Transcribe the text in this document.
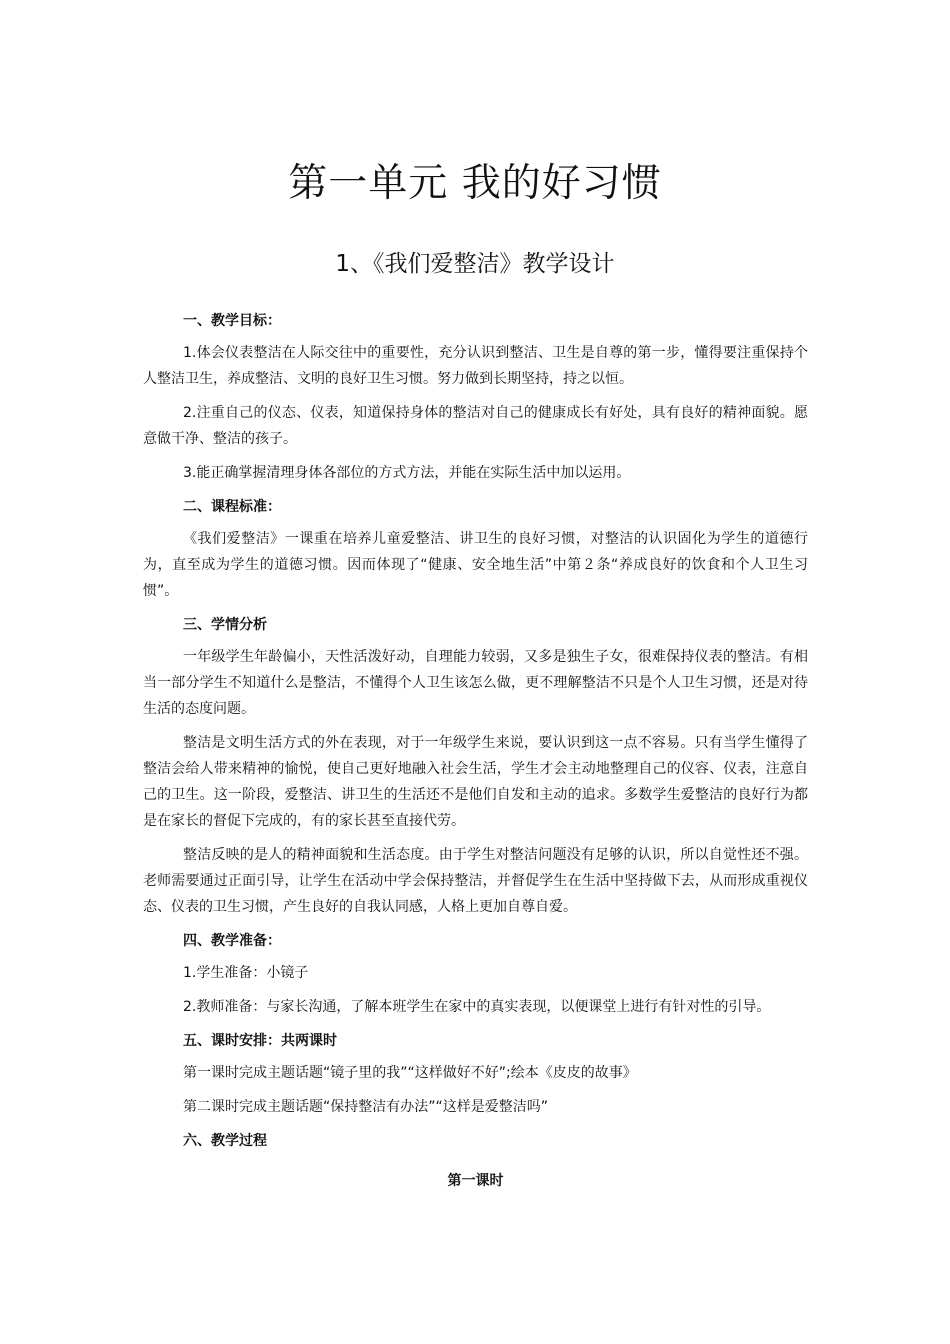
第一单元 我的好习惯
1、《我们爱整洁》教学设计

一、教学目标：

1.体会仪表整洁在人际交往中的重要性，充分认识到整洁、卫生是自尊的第一步，懂得要注重保持个人整洁卫生，养成整洁、文明的良好卫生习惯。努力做到长期坚持，持之以恒。

2.注重自己的仪态、仪表，知道保持身体的整洁对自己的健康成长有好处，具有良好的精神面貌。愿意做干净、整洁的孩子。

3.能正确掌握清理身体各部位的方式方法，并能在实际生活中加以运用。

二、课程标准：

《我们爱整洁》一课重在培养儿童爱整洁、讲卫生的良好习惯，对整洁的认识固化为学生的道德行为，直至成为学生的道德习惯。因而体现了“健康、安全地生活”中第２条“养成良好的饮食和个人卫生习惯”。

三、学情分析

一年级学生年龄偏小，天性活泼好动，自理能力较弱，又多是独生子女，很难保持仪表的整洁。有相当一部分学生不知道什么是整洁，不懂得个人卫生该怎么做，更不理解整洁不只是个人卫生习惯，还是对待生活的态度问题。

整洁是文明生活方式的外在表现，对于一年级学生来说，要认识到这一点不容易。只有当学生懂得了整洁会给人带来精神的愉悦，使自己更好地融入社会生活，学生才会主动地整理自己的仪容、仪表，注意自己的卫生。这一阶段，爱整洁、讲卫生的生活还不是他们自发和主动的追求。多数学生爱整洁的良好行为都是在家长的督促下完成的，有的家长甚至直接代劳。

整洁反映的是人的精神面貌和生活态度。由于学生对整洁问题没有足够的认识，所以自觉性还不强。老师需要通过正面引导，让学生在活动中学会保持整洁，并督促学生在生活中坚持做下去，从而形成重视仪态、仪表的卫生习惯，产生良好的自我认同感，人格上更加自尊自爱。

四、教学准备：

1.学生准备：小镜子

2.教师准备：与家长沟通，了解本班学生在家中的真实表现，以便课堂上进行有针对性的引导。

五、课时安排：共两课时

第一课时完成主题话题“镜子里的我”“这样做好不好”;绘本《皮皮的故事》

第二课时完成主题话题“保持整洁有办法”“这样是爱整洁吗”

六、教学过程

第一课时
